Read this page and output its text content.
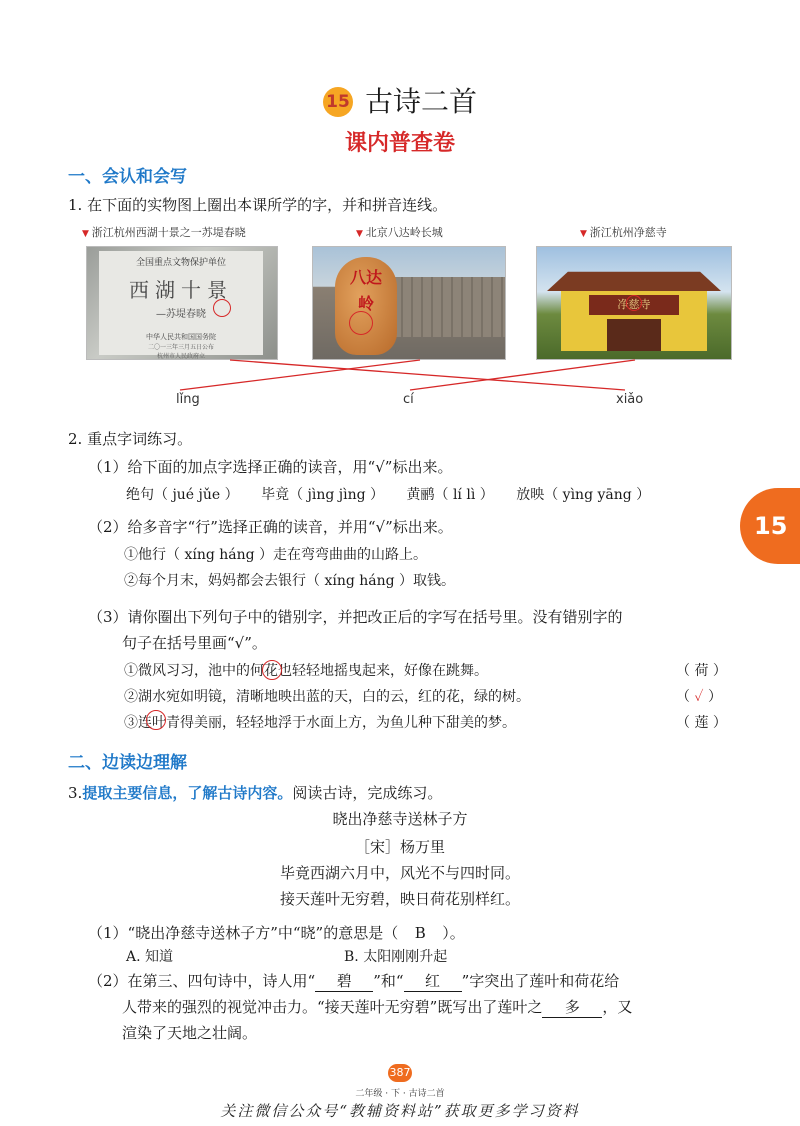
15 古诗二首
课内普查卷
15
一、会认和会写
1. 在下面的实物图上圈出本课所学的字，并和拼音连线。
▼ 浙江杭州西湖十景之一苏堤春晓	▼ 北京八达岭长城	▼ 浙江杭州净慈寺
全国重点文物保护单位
西湖十景
—苏堤春晓
中华人民共和国国务院
二〇一三年三月五日公布
杭州市人民政府立
八达岭	净慈寺
lǐng	cí	xiǎo
2. 重点字词练习。
（1）给下面的加点字选择正确的读音，用“√”标出来。
绝句（ jué jǔe ） 毕竟（ jìng jìng ） 黄鹂（ lí lì ） 放映（ yìng yāng ）
（2）给多音字“行”选择正确的读音，并用“√”标出来。
①他行（ xíng háng ）走在弯弯曲曲的山路上。
②每个月末，妈妈都会去银行（ xíng háng ）取钱。
（3）请你圈出下列句子中的错别字，并把改正后的字写在括号里。没有错别字的
句子在括号里画“√”。
①微风习习，池中的何花也轻轻地摇曳起来，好像在跳舞。	（ 荷 ）
②湖水宛如明镜，清晰地映出蓝的天，白的云，红的花，绿的树。	（ ✓ ）
③连叶青得美丽，轻轻地浮于水面上方，为鱼儿种下甜美的梦。	（ 莲 ）
二、边读边理解
3.提取主要信息，了解古诗内容。阅读古诗，完成练习。
晓出净慈寺送林子方
［宋］杨万里
毕竟西湖六月中，风光不与四时同。
接天莲叶无穷碧，映日荷花别样红。
（1）“晓出净慈寺送林子方”中“晓”的意思是（ B ）。
A. 知道	B. 太阳刚刚升起
（2）在第三、四句诗中，诗人用“ 碧 ”和“ 红 ”字突出了莲叶和荷花给
人带来的强烈的视觉冲击力。“接天莲叶无穷碧”既写出了莲叶之 多 ，又
渲染了天地之壮阔。
387
二年级 · 下 · 古诗二首
关注微信公众号“教辅资料站”获取更多学习资料
